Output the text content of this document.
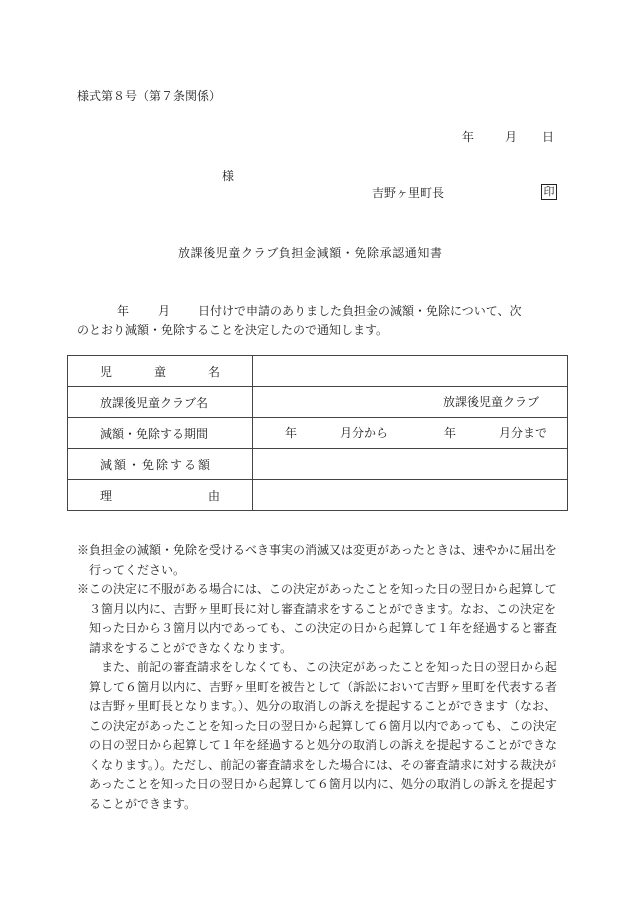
様式第８号（第７条関係）
年	月 日
様
吉野ヶ里町長	印
放課後児童クラブ負担金減額・免除承認通知書
年 月 日付けで申請のありました負担金の減額・免除について、次
のとおり減額・免除することを決定したので通知します。
児 童 名	

放課後児童クラブ名	放課後児童クラブ

減額・免除する期間	年 月分から 年 月分まで

減額・免除する額	

理 由	

※負担金の減額・免除を受けるべき事実の消滅又は変更があったときは、速やかに届出を行ってください。

※この決定に不服がある場合には、この決定があったことを知った日の翌日から起算して３箇月以内に、吉野ヶ里町長に対し審査請求をすることができます。なお、この決定を知った日から３箇月以内であっても、この決定の日から起算して１年を経過すると審査請求をすることができなくなります。

また、前記の審査請求をしなくても、この決定があったことを知った日の翌日から起算して６箇月以内に、吉野ヶ里町を被告として（訴訟において吉野ヶ里町を代表する者は吉野ヶ里町長となります。）、処分の取消しの訴えを提起することができます（なお、この決定があったことを知った日の翌日から起算して６箇月以内であっても、この決定の日の翌日から起算して１年を経過すると処分の取消しの訴えを提起することができなくなります。）。ただし、前記の審査請求をした場合には、その審査請求に対する裁決があったことを知った日の翌日から起算して６箇月以内に、処分の取消しの訴えを提起することができます。
